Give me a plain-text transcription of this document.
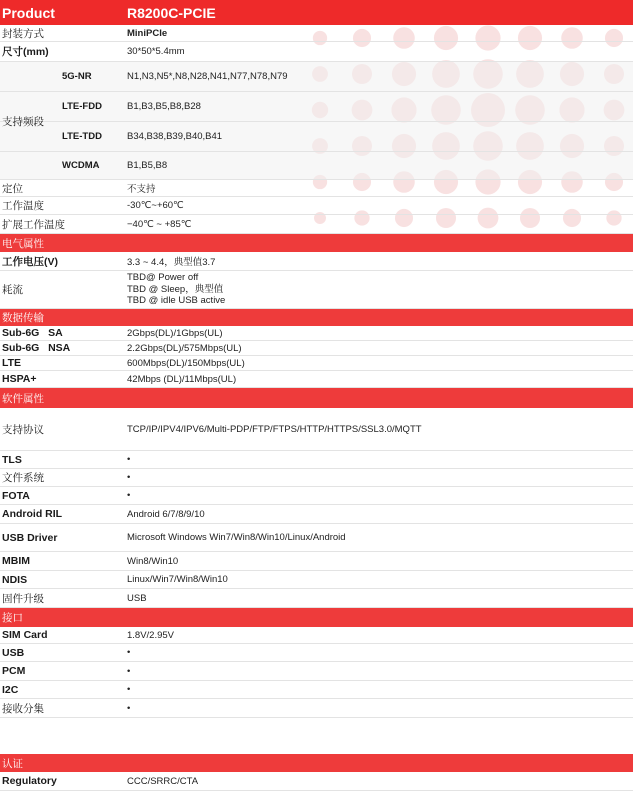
Product	R8200C-PCIE
封装方式	MiniPCIe
尺寸(mm)	30*50*5.4mm
支持频段
5G-NR	N1,N3,N5*,N8,N28,N41,N77,N78,N79
LTE-FDD	B1,B3,B5,B8,B28
LTE-TDD	B34,B38,B39,B40,B41
WCDMA	B1,B5,B8
定位	不支持
工作温度	-30℃~+60℃
扩展工作温度	−40℃ ~ +85℃
电气属性
工作电压(V)	3.3 ~ 4.4，典型值3.7
耗流
TBD@ Power off
TBD @ Sleep，典型值
TBD @ idle USB active
数据传输
Sub-6G   SA	2Gbps(DL)/1Gbps(UL)
Sub-6G   NSA	2.2Gbps(DL)/575Mbps(UL)
LTE	600Mbps(DL)/150Mbps(UL)
HSPA+	42Mbps (DL)/11Mbps(UL)
软件属性
支持协议	TCP/IP/IPV4/IPV6/Multi-PDP/FTP/FTPS/HTTP/HTTPS/SSL3.0/MQTT
TLS	•
文件系统	•
FOTA	•
Android RIL	Android 6/7/8/9/10
USB Driver	Microsoft Windows Win7/Win8/Win10/Linux/Android
MBIM	Win8/Win10
NDIS	Linux/Win7/Win8/Win10
固件升级	USB
接口
SIM Card	1.8V/2.95V
USB	•
PCM	•
I2C	•
接收分集	•
认证
Regulatory	CCC/SRRC/CTA
